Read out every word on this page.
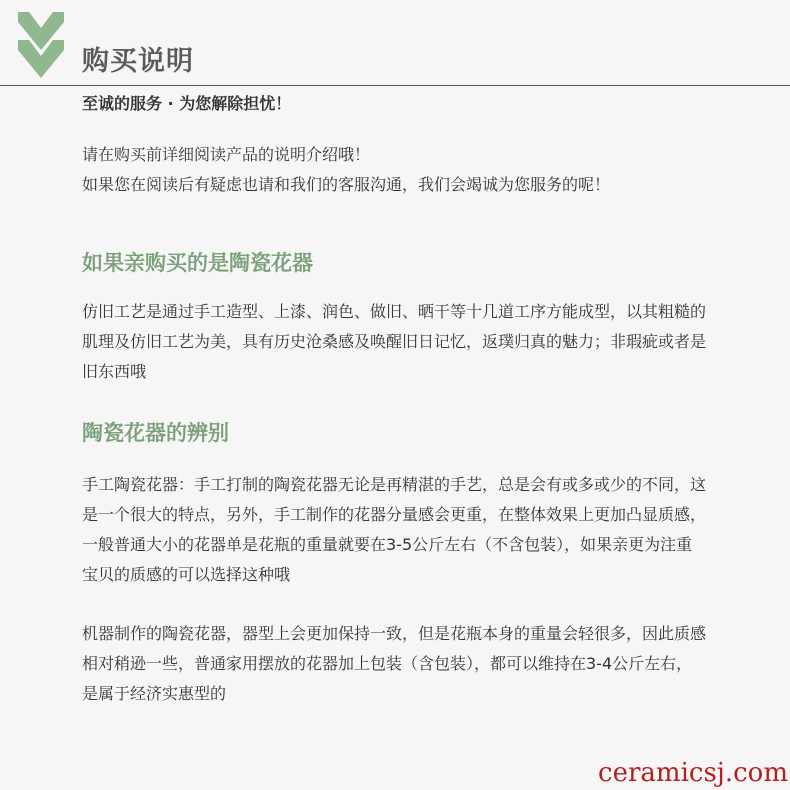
购买说明
至诚的服务 · 为您解除担忧！
请在购买前详细阅读产品的说明介绍哦！
如果您在阅读后有疑虑也请和我们的客服沟通，我们会竭诚为您服务的呢！
如果亲购买的是陶瓷花器
仿旧工艺是通过手工造型、上漆、润色、做旧、晒干等十几道工序方能成型，以其粗糙的
肌理及仿旧工艺为美，具有历史沧桑感及唤醒旧日记忆，返璞归真的魅力；非瑕疵或者是
旧东西哦
陶瓷花器的辨别
手工陶瓷花器：手工打制的陶瓷花器无论是再精湛的手艺，总是会有或多或少的不同，这
是一个很大的特点，另外，手工制作的花器分量感会更重，在整体效果上更加凸显质感，
一般普通大小的花器单是花瓶的重量就要在3-5公斤左右（不含包装），如果亲更为注重
宝贝的质感的可以选择这种哦
机器制作的陶瓷花器，器型上会更加保持一致，但是花瓶本身的重量会轻很多，因此质感
相对稍逊一些，普通家用摆放的花器加上包装（含包装），都可以维持在3-4公斤左右，
是属于经济实惠型的
ceramicsj.com
